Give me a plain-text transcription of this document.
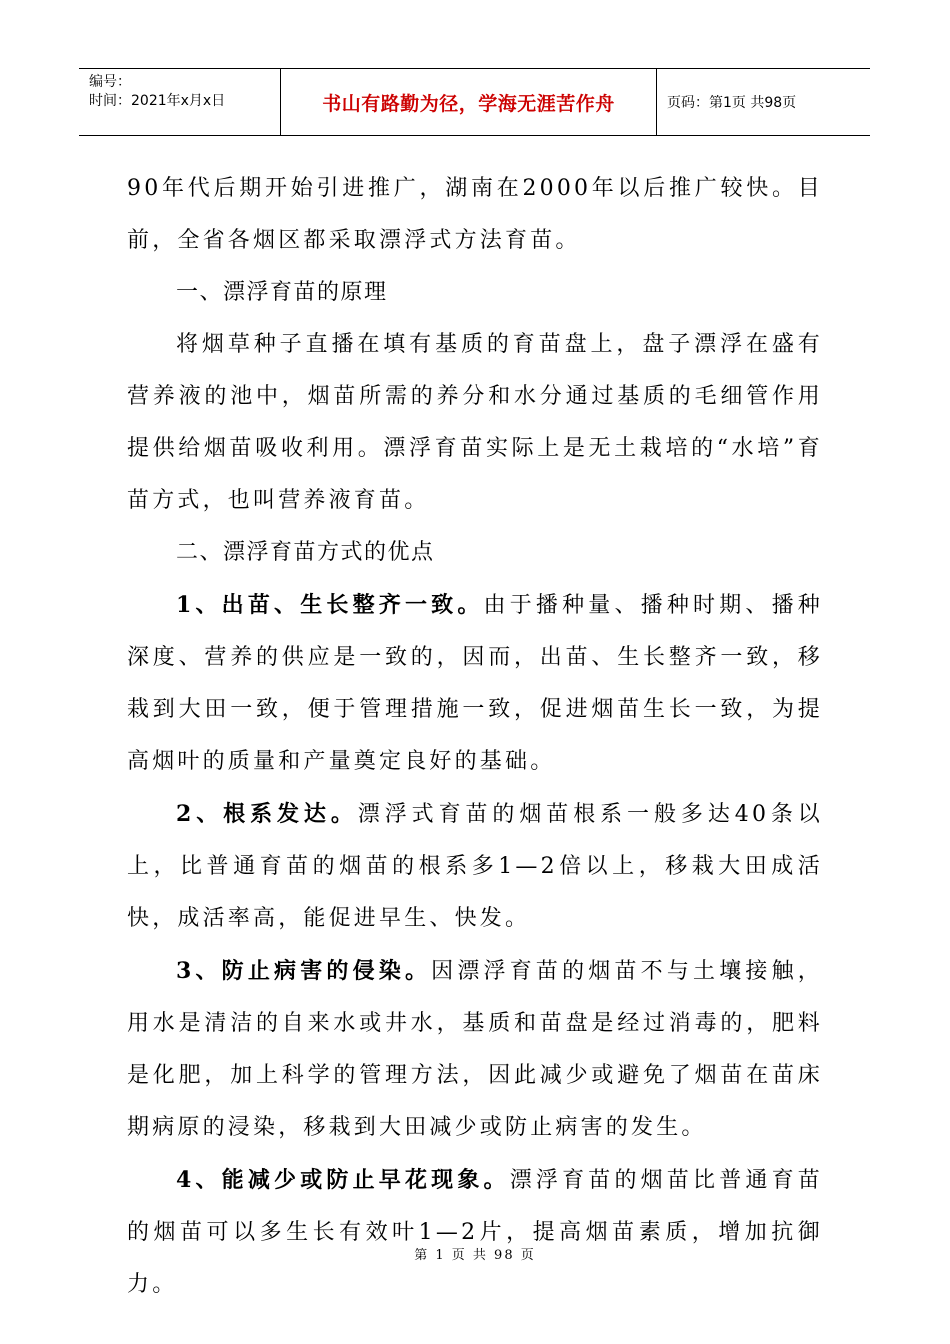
编号：
时间：2021年x月x日	书山有路勤为径，学海无涯苦作舟	页码：第1页 共98页

90年代后期开始引进推广，湖南在2000年以后推广较快。目前，全省各烟区都采取漂浮式方法育苗。

一、漂浮育苗的原理

将烟草种子直播在填有基质的育苗盘上，盘子漂浮在盛有营养液的池中，烟苗所需的养分和水分通过基质的毛细管作用提供给烟苗吸收利用。漂浮育苗实际上是无土栽培的“水培”育苗方式，也叫营养液育苗。

二、漂浮育苗方式的优点

1、出苗、生长整齐一致。由于播种量、播种时期、播种深度、营养的供应是一致的，因而，出苗、生长整齐一致，移栽到大田一致，便于管理措施一致，促进烟苗生长一致，为提高烟叶的质量和产量奠定良好的基础。

2、根系发达。漂浮式育苗的烟苗根系一般多达40条以上，比普通育苗的烟苗的根系多1—2倍以上，移栽大田成活快，成活率高，能促进早生、快发。

3、防止病害的侵染。因漂浮育苗的烟苗不与土壤接触，用水是清洁的自来水或井水，基质和苗盘是经过消毒的，肥料是化肥，加上科学的管理方法，因此减少或避免了烟苗在苗床期病原的浸染，移栽到大田减少或防止病害的发生。

4、能减少或防止早花现象。漂浮育苗的烟苗比普通育苗的烟苗可以多生长有效叶1—2片，提高烟苗素质，增加抗御力。

第 1 页 共 98 页
